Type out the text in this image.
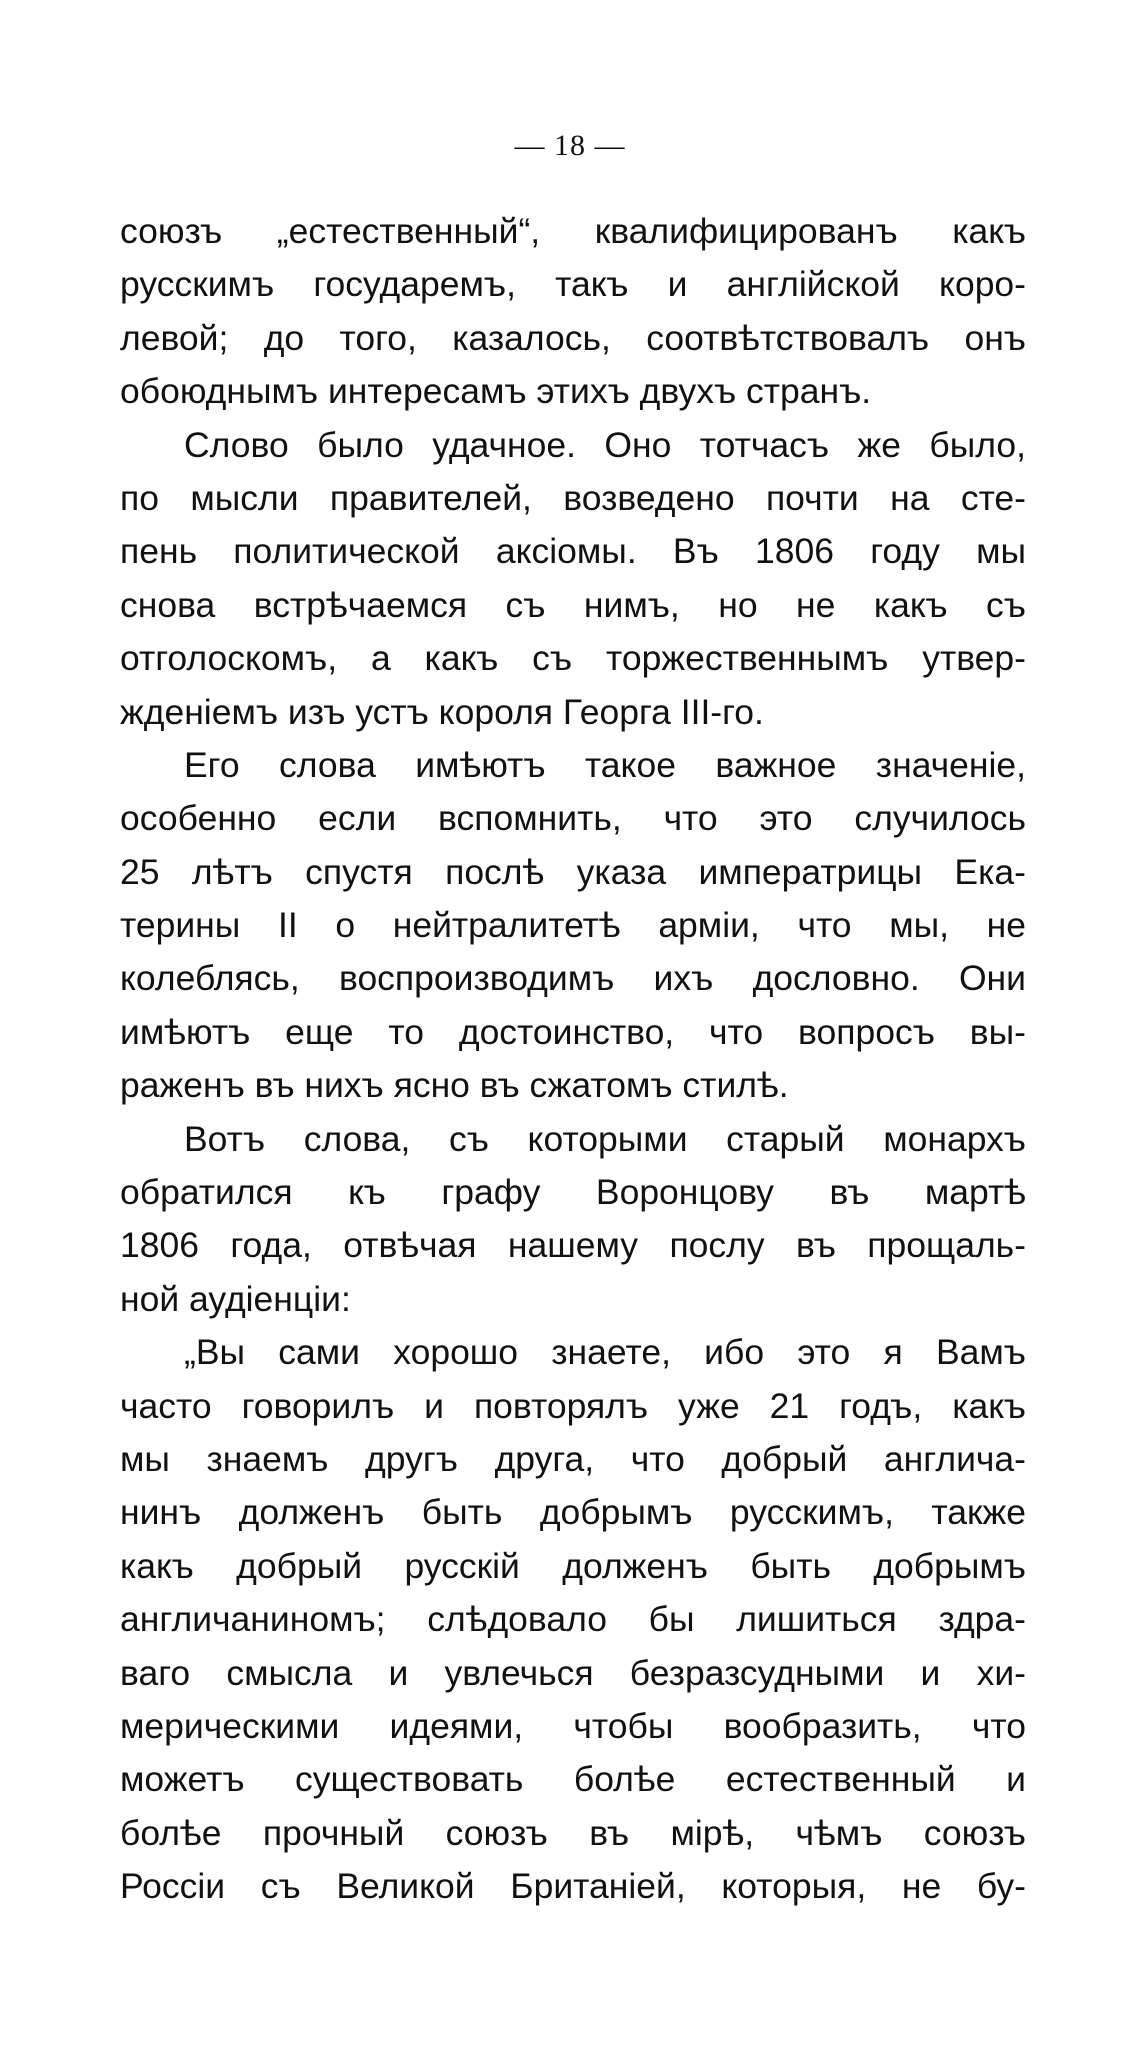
— 18 —
союзъ „естественный“, квалифицированъ какъ
русскимъ государемъ, такъ и англійской коро-
левой; до того, казалось, соотвѣтствовалъ онъ
обоюднымъ интересамъ этихъ двухъ странъ.
Слово было удачное. Оно тотчасъ же было,
по мысли правителей, возведено почти на сте-
пень политической аксіомы. Въ 1806 году мы
снова встрѣчаемся съ нимъ, но не какъ съ
отголоскомъ, а какъ съ торжественнымъ утвер-
жденіемъ изъ устъ короля Георга III-го.
Его слова имѣютъ такое важное значеніе,
особенно если вспомнить, что это случилось
25 лѣтъ спустя послѣ указа императрицы Ека-
терины II о нейтралитетѣ арміи, что мы, не
колеблясь, воспроизводимъ ихъ дословно. Они
имѣютъ еще то достоинство, что вопросъ вы-
раженъ въ нихъ ясно въ сжатомъ стилѣ.
Вотъ слова, съ которыми старый монархъ
обратился къ графу Воронцову въ мартѣ
1806 года, отвѣчая нашему послу въ прощаль-
ной аудіенціи:
„Вы сами хорошо знаете, ибо это я Вамъ
часто говорилъ и повторялъ уже 21 годъ, какъ
мы знаемъ другъ друга, что добрый англича-
нинъ долженъ быть добрымъ русскимъ, также
какъ добрый русскій долженъ быть добрымъ
англичаниномъ; слѣдовало бы лишиться здра-
ваго смысла и увлечься безразсудными и хи-
мерическими идеями, чтобы вообразить, что
можетъ существовать болѣе естественный и
болѣе прочный союзъ въ мірѣ, чѣмъ союзъ
Россіи съ Великой Британіей, которыя, не бу-
